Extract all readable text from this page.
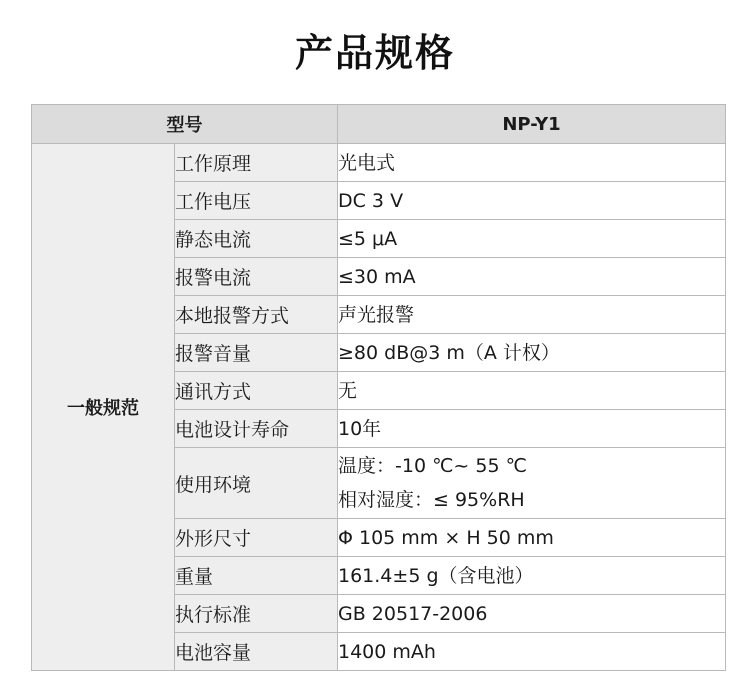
产品规格
型号		NP-Y1
一般规范	工作原理	光电式

	工作电压	DC 3 V

	静态电流	≤5 μA

	报警电流	≤30 mA

	本地报警方式	声光报警

	报警音量	≥80 dB@3 m（A 计权）

	通讯方式	无

	电池设计寿命	10年

	使用环境	温度：-10 ℃~ 55 ℃
相对湿度：≤ 95%RH

	外形尺寸	Φ 105 mm × H 50 mm

	重量	161.4±5 g（含电池）

	执行标准	GB 20517-2006

	电池容量	1400 mAh
